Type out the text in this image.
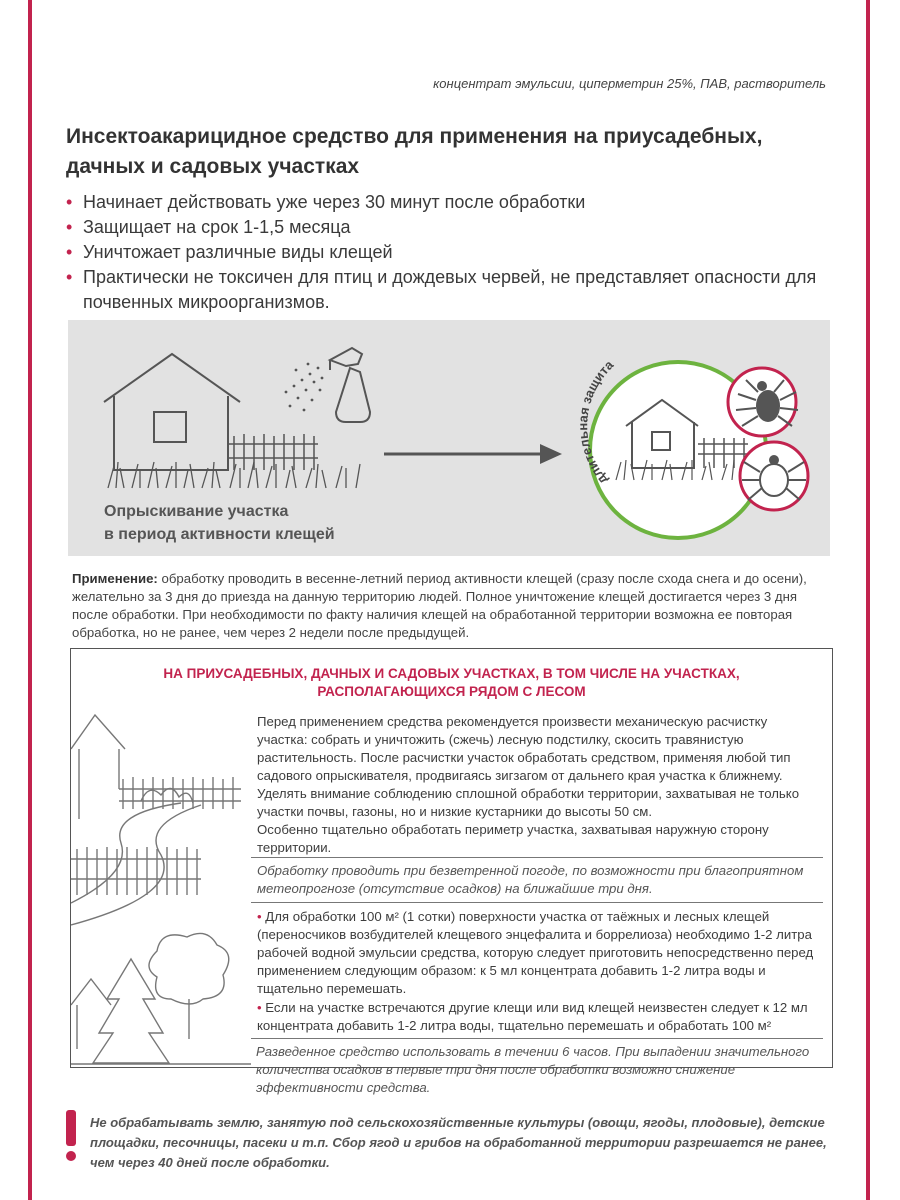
концентрат эмульсии, циперметрин 25%, ПАВ, растворитель
Инсектоакарицидное средство для применения на приусадебных, дачных и садовых участках
• Начинает действовать уже через 30 минут после обработки
• Защищает на срок 1-1,5 месяца
• Уничтожает различные виды клещей
• Практически не токсичен для птиц и дождевых червей, не представляет опасности для почвенных микроорганизмов.
длительная защита
Опрыскивание участка
в период активности клещей
Применение: обработку проводить в весенне-летний период активности клещей (сразу после схода снега и до осени), желательно за 3 дня до приезда на данную территорию людей. Полное уничтожение клещей достигается через 3 дня после обработки. При необходимости по факту наличия клещей на обработанной территории возможна ее повторая обработка, но не ранее, чем через 2 недели после предыдущей.
НА ПРИУСАДЕБНЫХ, ДАЧНЫХ И САДОВЫХ УЧАСТКАХ, В ТОМ ЧИСЛЕ НА УЧАСТКАХ,
РАСПОЛАГАЮЩИХСЯ РЯДОМ С ЛЕСОМ
Перед применением средства рекомендуется произвести механическую расчистку участка: собрать и уничтожить (сжечь) лесную подстилку, скосить травянистую растительность. После расчистки участок обработать средством, применяя любой тип садового опрыскивателя, продвигаясь зигзагом от дальнего края участка к ближнему. Уделять внимание соблюдению сплошной обработки территории, захватывая не только участки почвы, газоны, но и низкие кустарники до высоты 50 см.
Особенно тщательно обработать периметр участка, захватывая наружную сторону территории.
Обработку проводить при безветренной погоде, по возможности при благоприятном метеопрогнозе (отсутствие осадков) на ближайшие три дня.
• Для обработки 100 м² (1 сотки) поверхности участка от таёжных и лесных клещей (переносчиков возбудителей клещевого энцефалита и боррелиоза) необходимо 1-2 литра рабочей водной эмульсии средства, которую следует приготовить непосредственно перед применением следующим образом: к 5 мл концентрата добавить 1-2 литра воды и тщательно перемешать.
• Если на участке встречаются другие клещи или вид клещей неизвестен следует к 12 мл концентрата добавить 1-2 литра воды, тщательно перемешать и обработать 100 м²
Разведенное средство использовать в течении 6 часов. При выпадении значительного количества осадков в первые три дня после обработки возможно снижение эффективности средства.
Не обрабатывать землю, занятую под сельскохозяйственные культуры (овощи, ягоды, плодовые), детские площадки, песочницы, пасеки и т.п. Сбор ягод и грибов на обработанной территории разрешается не ранее, чем через 40 дней после обработки.
